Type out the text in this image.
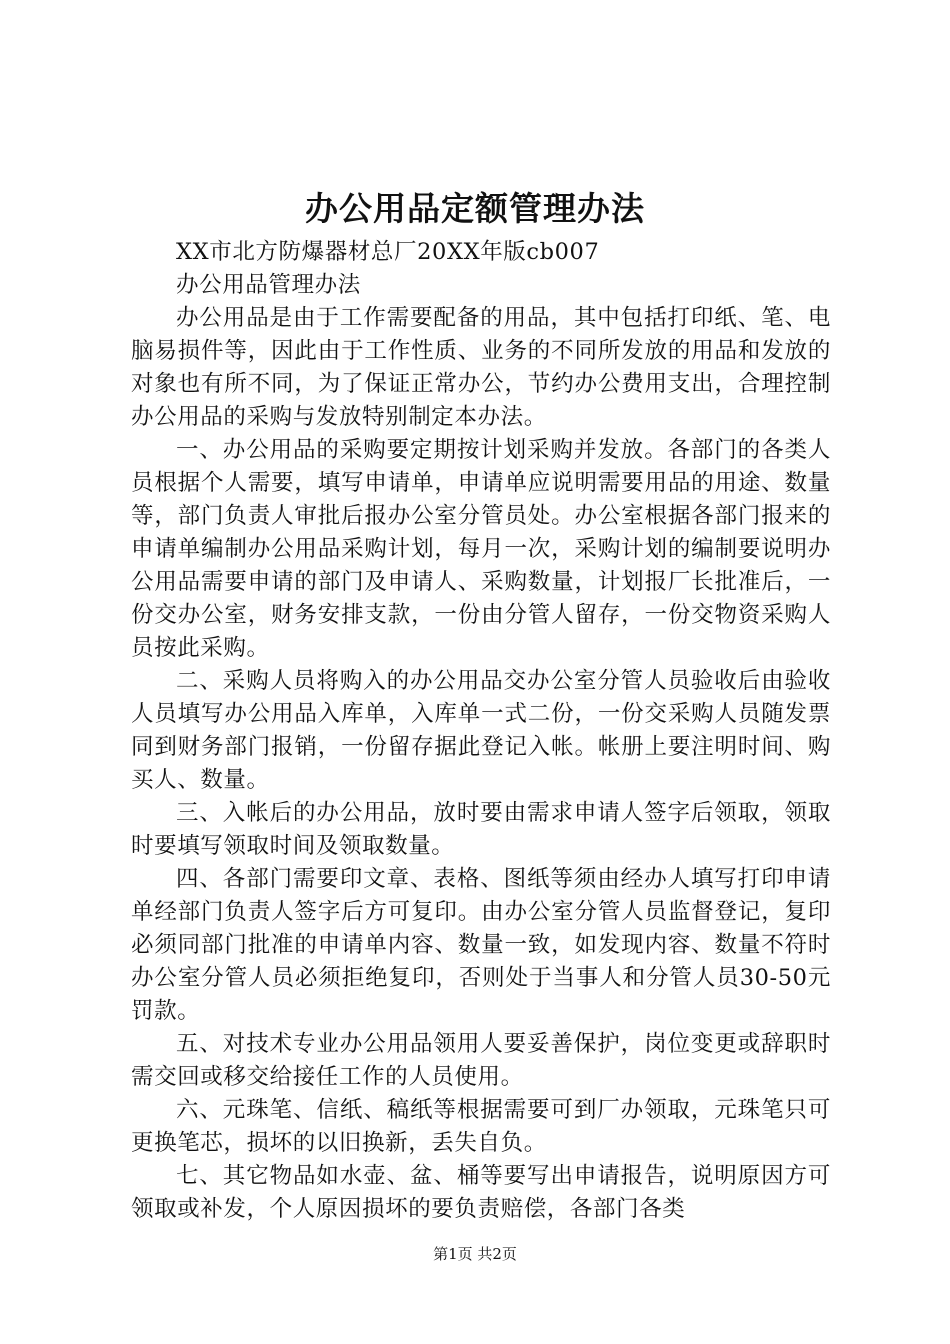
办公用品定额管理办法

XX市北方防爆器材总厂20XX年版cb007

办公用品管理办法

办公用品是由于工作需要配备的用品，其中包括打印纸、笔、电脑易损件等，因此由于工作性质、业务的不同所发放的用品和发放的对象也有所不同，为了保证正常办公，节约办公费用支出，合理控制办公用品的采购与发放特别制定本办法。

一、办公用品的采购要定期按计划采购并发放。各部门的各类人员根据个人需要，填写申请单，申请单应说明需要用品的用途、数量等，部门负责人审批后报办公室分管员处。办公室根据各部门报来的申请单编制办公用品采购计划，每月一次，采购计划的编制要说明办公用品需要申请的部门及申请人、采购数量，计划报厂长批准后，一份交办公室，财务安排支款，一份由分管人留存，一份交物资采购人员按此采购。

二、采购人员将购入的办公用品交办公室分管人员验收后由验收人员填写办公用品入库单，入库单一式二份，一份交采购人员随发票同到财务部门报销，一份留存据此登记入帐。帐册上要注明时间、购买人、数量。

三、入帐后的办公用品，放时要由需求申请人签字后领取，领取时要填写领取时间及领取数量。

四、各部门需要印文章、表格、图纸等须由经办人填写打印申请单经部门负责人签字后方可复印。由办公室分管人员监督登记，复印必须同部门批准的申请单内容、数量一致，如发现内容、数量不符时办公室分管人员必须拒绝复印，否则处于当事人和分管人员30-50元罚款。

五、对技术专业办公用品领用人要妥善保护，岗位变更或辞职时需交回或移交给接任工作的人员使用。

六、元珠笔、信纸、稿纸等根据需要可到厂办领取，元珠笔只可更换笔芯，损坏的以旧换新，丢失自负。

七、其它物品如水壶、盆、桶等要写出申请报告，说明原因方可领取或补发，个人原因损坏的要负责赔偿，各部门各类

第1页 共2页
